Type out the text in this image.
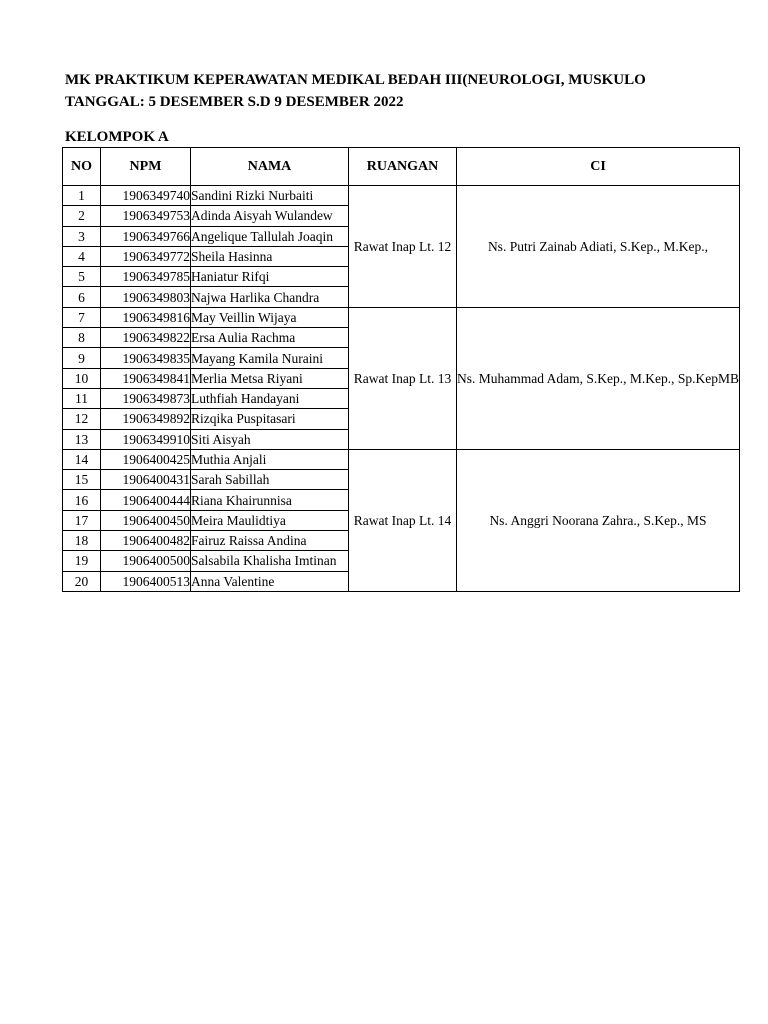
MK PRAKTIKUM KEPERAWATAN MEDIKAL BEDAH III(NEUROLOGI, MUSKULO
TANGGAL: 5 DESEMBER S.D 9 DESEMBER 2022
KELOMPOK A
NO	NPM	NAMA	RUANGAN	CI
1	1906349740	Sandini Rizki Nurbaiti	Rawat Inap Lt. 12	Ns. Putri Zainab Adiati, S.Kep., M.Kep.,

2	1906349753	Adinda Aisyah Wulandew		
3	1906349766	Angelique Tallulah Joaqin		
4	1906349772	Sheila Hasinna		
5	1906349785	Haniatur Rifqi		
6	1906349803	Najwa Harlika Chandra		
7	1906349816	May Veillin Wijaya	Rawat Inap Lt. 13	Ns. Muhammad Adam, S.Kep., M.Kep., Sp.KepMB

8	1906349822	Ersa Aulia Rachma		
9	1906349835	Mayang Kamila Nuraini		
10	1906349841	Merlia Metsa Riyani		
11	1906349873	Luthfiah Handayani		
12	1906349892	Rizqika Puspitasari		
13	1906349910	Siti Aisyah		
14	1906400425	Muthia Anjali	Rawat Inap Lt. 14	Ns. Anggri Noorana Zahra., S.Kep., MS

15	1906400431	Sarah Sabillah		
16	1906400444	Riana Khairunnisa		
17	1906400450	Meira Maulidtiya		
18	1906400482	Fairuz Raissa Andina		
19	1906400500	Salsabila Khalisha Imtinan		
20	1906400513	Anna Valentine		
